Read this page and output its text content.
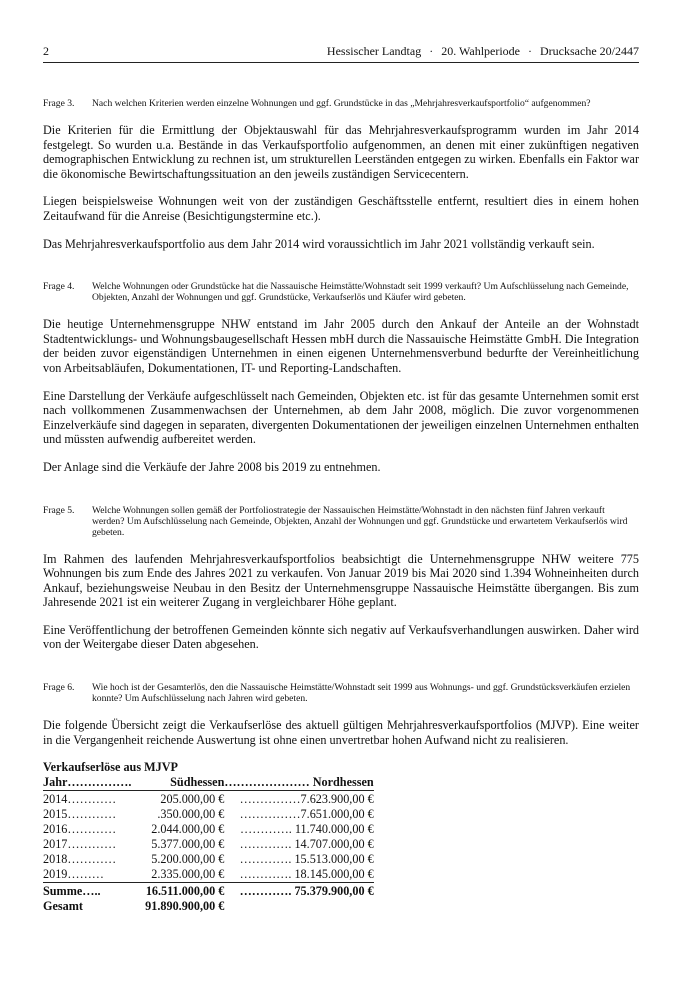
2	Hessischer Landtag · 20. Wahlperiode · Drucksache 20/2447
Frage 3.	Nach welchen Kriterien werden einzelne Wohnungen und ggf. Grundstücke in das „Mehrjahresverkaufsportfolio“ aufgenommen?

Die Kriterien für die Ermittlung der Objektauswahl für das Mehrjahresverkaufsprogramm wurden im Jahr 2014 festgelegt. So wurden u.a. Bestände in das Verkaufsportfolio aufgenommen, an denen mit einer zukünftigen negativen demographischen Entwicklung zu rechnen ist, um strukturellen Leerständen entgegen zu wirken. Ebenfalls ein Faktor war die ökonomische Bewirtschaftungssituation an den jeweils zuständigen Servicecentern.

Liegen beispielsweise Wohnungen weit von der zuständigen Geschäftsstelle entfernt, resultiert dies in einem hohen Zeitaufwand für die Anreise (Besichtigungstermine etc.).

Das Mehrjahresverkaufsportfolio aus dem Jahr 2014 wird voraussichtlich im Jahr 2021 vollständig verkauft sein.

Frage 4.	Welche Wohnungen oder Grundstücke hat die Nassauische Heimstätte/Wohnstadt seit 1999 verkauft? Um Aufschlüsselung nach Gemeinde, Objekten, Anzahl der Wohnungen und ggf. Grundstücke, Verkaufserlös und Käufer wird gebeten.

Die heutige Unternehmensgruppe NHW entstand im Jahr 2005 durch den Ankauf der Anteile an der Wohnstadt Stadtentwicklungs- und Wohnungsbaugesellschaft Hessen mbH durch die Nassauische Heimstätte GmbH. Die Integration der beiden zuvor eigenständigen Unternehmen in einen eigenen Unternehmensverbund bedurfte der Vereinheitlichung von Arbeitsabläufen, Dokumentationen, IT- und Reporting-Landschaften.

Eine Darstellung der Verkäufe aufgeschlüsselt nach Gemeinden, Objekten etc. ist für das gesamte Unternehmen somit erst nach vollkommenen Zusammenwachsen der Unternehmen, ab dem Jahr 2008, möglich. Die zuvor vorgenommenen Einzelverkäufe sind dagegen in separaten, divergenten Dokumentationen der jeweiligen einzelnen Unternehmen enthalten und müssten aufwendig aufbereitet werden.

Der Anlage sind die Verkäufe der Jahre 2008 bis 2019 zu entnehmen.

Frage 5.	Welche Wohnungen sollen gemäß der Portfoliostrategie der Nassauischen Heimstätte/Wohnstadt in den nächsten fünf Jahren verkauft werden? Um Aufschlüsselung nach Gemeinde, Objekten, Anzahl der Wohnungen und ggf. Grundstücke und erwartetem Verkaufserlös wird gebeten.

Im Rahmen des laufenden Mehrjahresverkaufsportfolios beabsichtigt die Unternehmensgruppe NHW weitere 775 Wohnungen bis zum Ende des Jahres 2021 zu verkaufen. Von Januar 2019 bis Mai 2020 sind 1.394 Wohneinheiten durch Ankauf, beziehungsweise Neubau in den Besitz der Unternehmensgruppe Nassauische Heimstätte übergangen. Bis zum Jahresende 2021 ist ein weiterer Zugang in vergleichbarer Höhe geplant.

Eine Veröffentlichung der betroffenen Gemeinden könnte sich negativ auf Verkaufsverhandlungen auswirken. Daher wird von der Weitergabe dieser Daten abgesehen.

Frage 6.	Wie hoch ist der Gesamterlös, den die Nassauische Heimstätte/Wohnstadt seit 1999 aus Wohnungs- und ggf. Grundstücksverkäufen erzielen konnte? Um Aufschlüsselung nach Jahren wird gebeten.

Die folgende Übersicht zeigt die Verkaufserlöse des aktuell gültigen Mehrjahresverkaufsportfolios (MJVP). Eine weiter in die Vergangenheit reichende Auswertung ist ohne einen unvertretbar hohen Aufwand nicht zu realisieren.

Verkaufserlöse aus MJVP
Jahr…………….	Südhessen	………………… Nordhessen

2014…………	205.000,00 €	……………7.623.900,00 €
2015…………	.350.000,00 €	……………7.651.000,00 €
2016…………	2.044.000,00 €	…………. 11.740.000,00 €
2017…………	5.377.000,00 €	…………. 14.707.000,00 €
2018…………	5.200.000,00 €	…………. 15.513.000,00 €
2019………	2.335.000,00 €	…………. 18.145.000,00 €

Summe…..	16.511.000,00 €	…………. 75.379.900,00 €
Gesamt	91.890.900,00 €	
